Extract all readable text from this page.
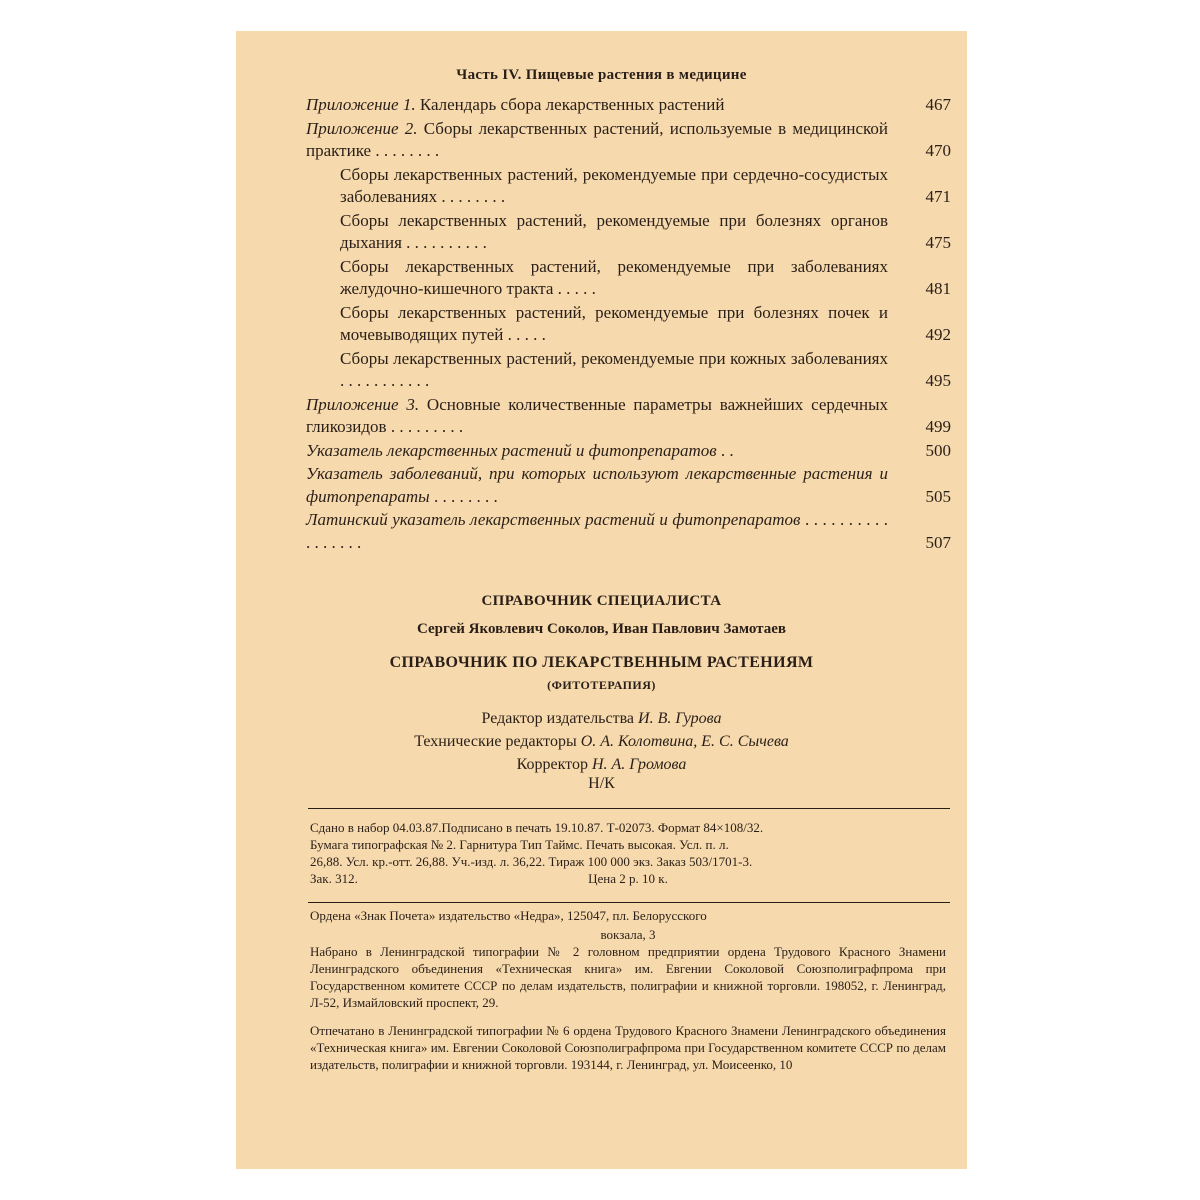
Часть IV. Пищевые растения в медицине
Приложение 1. Календарь сбора лекарственных растений	467
Приложение 2. Сборы лекарственных растений, используемые в медицинской практике . . . . . . . .	470
Сборы лекарственных растений, рекомендуемые при сердечно-сосудистых заболеваниях . . . . . . . .	471
Сборы лекарственных растений, рекомендуемые при болезнях органов дыхания . . . . . . . . . .	475
Сборы лекарственных растений, рекомендуемые при заболеваниях желудочно-кишечного тракта . . . . .	481
Сборы лекарственных растений, рекомендуемые при болезнях почек и мочевыводящих путей . . . . .	492
Сборы лекарственных растений, рекомендуемые при кожных заболеваниях . . . . . . . . . . .	495
Приложение 3. Основные количественные параметры важнейших сердечных гликозидов . . . . . . . . .	499
Указатель лекарственных растений и фитопрепаратов . .	500
Указатель заболеваний, при которых используют лекарственные растения и фитопрепараты . . . . . . . .	505
Латинский указатель лекарственных растений и фитопрепаратов . . . . . . . . . . . . . . . . .	507
СПРАВОЧНИК СПЕЦИАЛИСТА
Сергей Яковлевич Соколов, Иван Павлович Замотаев
СПРАВОЧНИК ПО ЛЕКАРСТВЕННЫМ РАСТЕНИЯМ
(ФИТОТЕРАПИЯ)
Редактор издательства И. В. Гурова
Технические редакторы О. А. Колотвина, Е. С. Сычева
Корректор Н. А. Громова
Н/К
Сдано в набор 04.03.87.Подписано в печать 19.10.87. Т-02073. Формат 84×108/32.
Бумага типографская № 2. Гарнитура Тип Таймс. Печать высокая. Усл. п. л.
26,88. Усл. кр.-отт. 26,88. Уч.-изд. л. 36,22. Тираж 100 000 экз. Заказ 503/1701-3.
Цена 2 р. 10 к.
Зак. 312.
Ордена «Знак Почета» издательство «Недра», 125047, пл. Белорусского
вокзала, 3
Набрано в Ленинградской типографии № 2 головном предприятии ордена Трудового Красного Знамени Ленинградского объединения «Техническая книга» им. Евгении Соколовой Союзполиграфпрома при Государственном комитете СССР по делам издательств, полиграфии и книжной торговли. 198052, г. Ленинград, Л-52, Измайловский проспект, 29.
Отпечатано в Ленинградской типографии № 6 ордена Трудового Красного Знамени Ленинградского объединения «Техническая книга» им. Евгении Соколовой Союзполиграфпрома при Государственном комитете СССР по делам издательств, полиграфии и книжной торговли. 193144, г. Ленинград, ул. Моисеенко, 10
